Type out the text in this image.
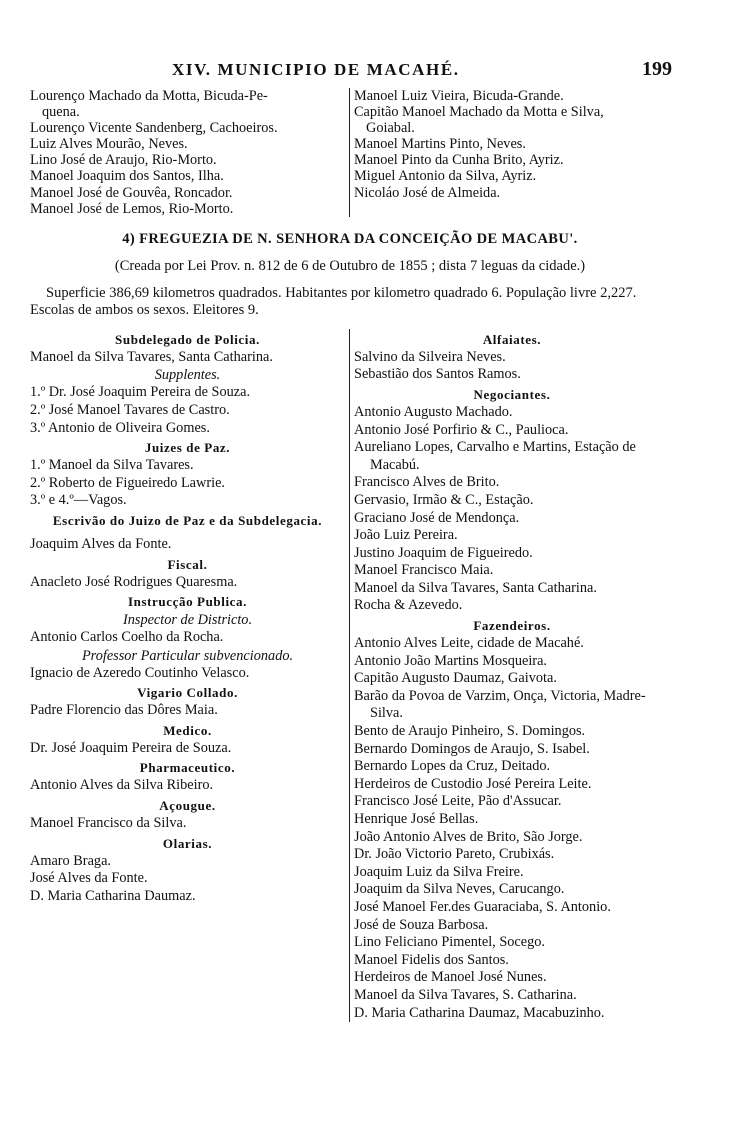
XIV. MUNICIPIO DE MACAHÉ.	199
Lourenço Machado da Motta, Bicuda-Pe-
quena.
Lourenço Vicente Sandenberg, Cachoeiros.
Luiz Alves Mourão, Neves.
Lino José de Araujo, Rio-Morto.
Manoel Joaquim dos Santos, Ilha.
Manoel José de Gouvêa, Roncador.
Manoel José de Lemos, Rio-Morto.
Manoel Luiz Vieira, Bicuda-Grande.
Capitão Manoel Machado da Motta e Silva,
Goiabal.
Manoel Martins Pinto, Neves.
Manoel Pinto da Cunha Brito, Ayriz.
Miguel Antonio da Silva, Ayriz.
Nicoláo José de Almeida.
4) FREGUEZIA DE N. SENHORA DA CONCEIÇÃO DE MACABU'.
(Creada por Lei Prov. n. 812 de 6 de Outubro de 1855 ; dista 7 leguas da cidade.)
Superficie 386,69 kilometros quadrados. Habitantes por kilometro quadrado 6. População livre 2,227. Escolas de ambos os sexos. Eleitores 9.
Subdelegado de Policia.
Manoel da Silva Tavares, Santa Catharina.
Supplentes.
1.º Dr. José Joaquim Pereira de Souza.
2.º José Manoel Tavares de Castro.
3.º Antonio de Oliveira Gomes.
Juizes de Paz.
1.º Manoel da Silva Tavares.
2.º Roberto de Figueiredo Lawrie.
3.º e 4.º—Vagos.
Escrivão do Juizo de Paz e da Subdelegacia.
Joaquim Alves da Fonte.
Fiscal.
Anacleto José Rodrigues Quaresma.
Instrucção Publica.
Inspector de Districto.
Antonio Carlos Coelho da Rocha.
Professor Particular subvencionado.
Ignacio de Azeredo Coutinho Velasco.
Vigario Collado.
Padre Florencio das Dôres Maia.
Medico.
Dr. José Joaquim Pereira de Souza.
Pharmaceutico.
Antonio Alves da Silva Ribeiro.
Açougue.
Manoel Francisco da Silva.
Olarias.
Amaro Braga.
José Alves da Fonte.
D. Maria Catharina Daumaz.
Alfaiates.
Salvino da Silveira Neves.
Sebastião dos Santos Ramos.
Negociantes.
Antonio Augusto Machado.
Antonio José Porfirio & C., Paulioca.
Aureliano Lopes, Carvalho e Martins, Estação de Macabú.
Francisco Alves de Brito.
Gervasio, Irmão & C., Estação.
Graciano José de Mendonça.
João Luiz Pereira.
Justino Joaquim de Figueiredo.
Manoel Francisco Maia.
Manoel da Silva Tavares, Santa Catharina.
Rocha & Azevedo.
Fazendeiros.
Antonio Alves Leite, cidade de Macahé.
Antonio João Martins Mosqueira.
Capitão Augusto Daumaz, Gaivota.
Barão da Povoa de Varzim, Onça, Victoria, Madre-Silva.
Bento de Araujo Pinheiro, S. Domingos.
Bernardo Domingos de Araujo, S. Isabel.
Bernardo Lopes da Cruz, Deitado.
Herdeiros de Custodio José Pereira Leite.
Francisco José Leite, Pão d'Assucar.
Henrique José Bellas.
João Antonio Alves de Brito, São Jorge.
Dr. João Victorio Pareto, Crubixás.
Joaquim Luiz da Silva Freire.
Joaquim da Silva Neves, Carucango.
José Manoel Fer.des Guaraciaba, S. Antonio.
José de Souza Barbosa.
Lino Feliciano Pimentel, Socego.
Manoel Fidelis dos Santos.
Herdeiros de Manoel José Nunes.
Manoel da Silva Tavares, S. Catharina.
D. Maria Catharina Daumaz, Macabuzinho.
